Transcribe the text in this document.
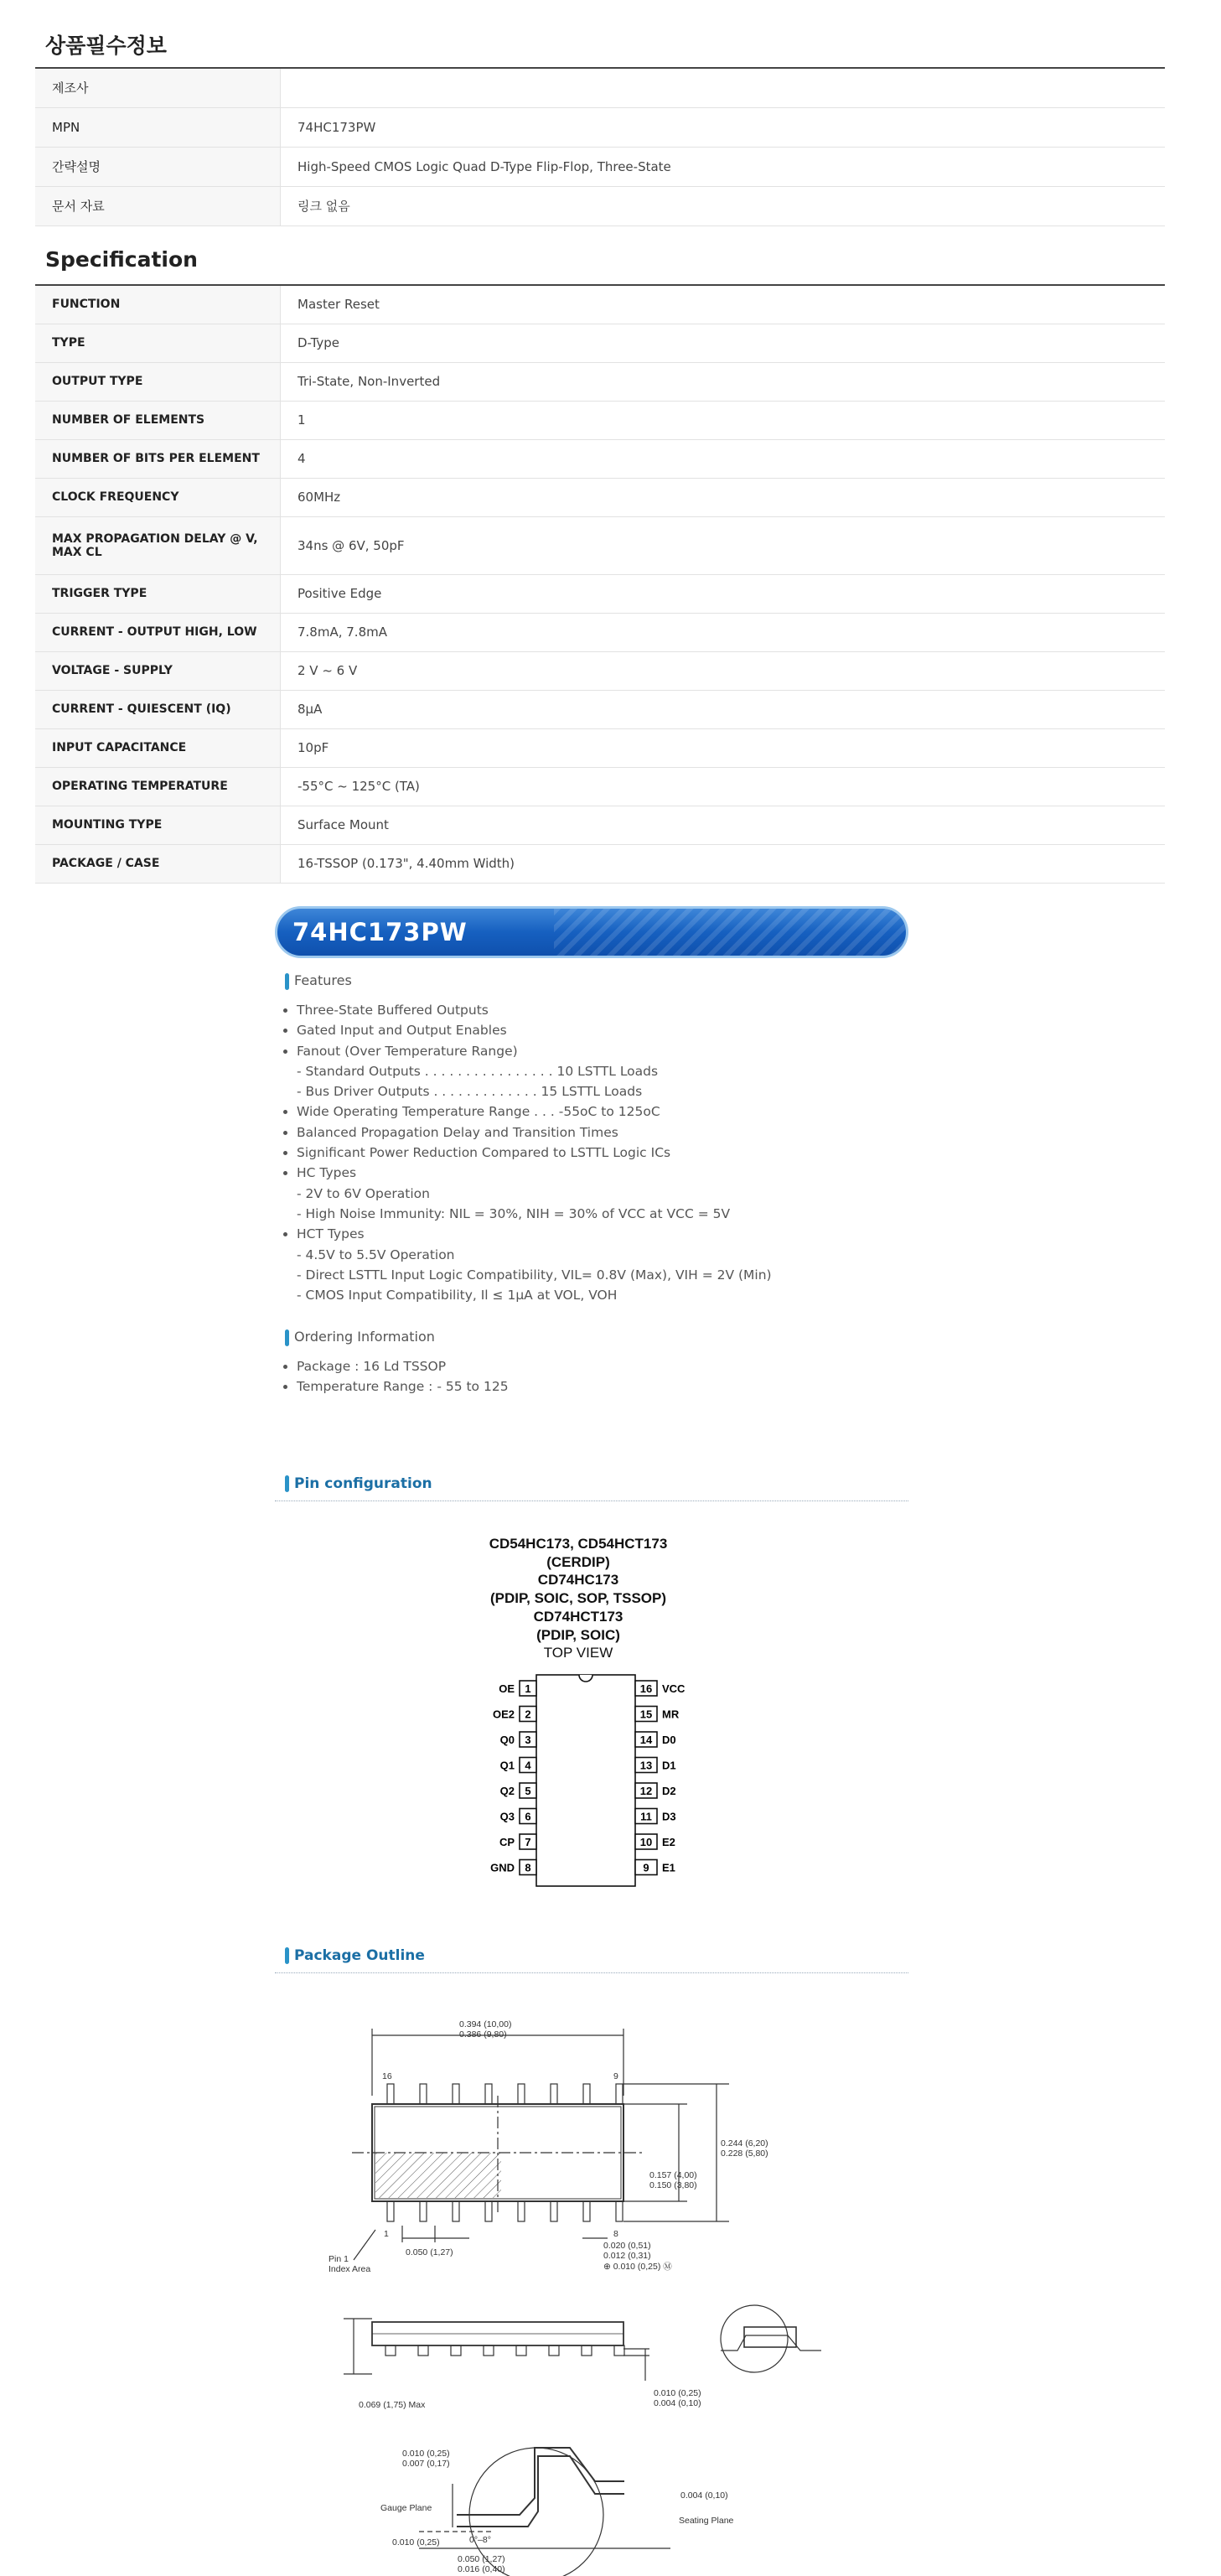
상품필수정보
제조사	
MPN	74HC173PW
간략설명	High-Speed CMOS Logic Quad D-Type Flip-Flop, Three-State
문서 자료	링크 없음
Specification
FUNCTION	Master Reset
TYPE	D-Type
OUTPUT TYPE	Tri-State, Non-Inverted
NUMBER OF ELEMENTS	1
NUMBER OF BITS PER ELEMENT	4
CLOCK FREQUENCY	60MHz
MAX PROPAGATION DELAY @ V, MAX CL	34ns @ 6V, 50pF
TRIGGER TYPE	Positive Edge
CURRENT - OUTPUT HIGH, LOW	7.8mA, 7.8mA
VOLTAGE - SUPPLY	2 V ~ 6 V
CURRENT - QUIESCENT (IQ)	8µA
INPUT CAPACITANCE	10pF
OPERATING TEMPERATURE	-55°C ~ 125°C (TA)
MOUNTING TYPE	Surface Mount
PACKAGE / CASE	16-TSSOP (0.173", 4.40mm Width)
74HC173PW
Features
• Three-State Buffered Outputs
• Gated Input and Output Enables
• Fanout (Over Temperature Range)
- Standard Outputs . . . . . . . . . . . . . . . . 10 LSTTL Loads
- Bus Driver Outputs . . . . . . . . . . . . . 15 LSTTL Loads
• Wide Operating Temperature Range . . . -55oC to 125oC
• Balanced Propagation Delay and Transition Times
• Significant Power Reduction Compared to LSTTL Logic ICs
• HC Types
- 2V to 6V Operation
- High Noise Immunity: NIL = 30%, NIH = 30% of VCC at VCC = 5V
• HCT Types
- 4.5V to 5.5V Operation
- Direct LSTTL Input Logic Compatibility, VIL= 0.8V (Max), VIH = 2V (Min)
- CMOS Input Compatibility, Il ≤ 1µA at VOL, VOH
Ordering Information
• Package : 16 Ld TSSOP
• Temperature Range : - 55 to 125
Pin configuration
CD54HC173, CD54HCT173
(CERDIP)
CD74HC173
(PDIP, SOIC, SOP, TSSOP)
CD74HCT173
(PDIP, SOIC)
TOP VIEW
1
OE
2
OE2
3
Q0
4
Q1
5
Q2
6
Q3
7
CP
8
GND
16 VCC
15 MR
14 D0
13 D1
12 D2
11 D3
10 E2
9 E1
Package Outline
0.394 (10,00)
0.386 (9,80)
16	9
1	8
0.244 (6,20)
0.228 (5,80)
0.157 (4,00)
0.150 (3,80)
Pin 1
Index Area
0.050 (1,27)
0.020 (0,51)
0.012 (0,31)
⊕ 0.010 (0,25) Ⓜ
0.069 (1,75) Max
0.010 (0,25)
0.004 (0,10)
0.010 (0,25)
0.007 (0,17)
Gauge Plane
0.010 (0,25)	0°–8°
0.004 (0,10)
Seating Plane
0.050 (1,27)
0.016 (0,40)
